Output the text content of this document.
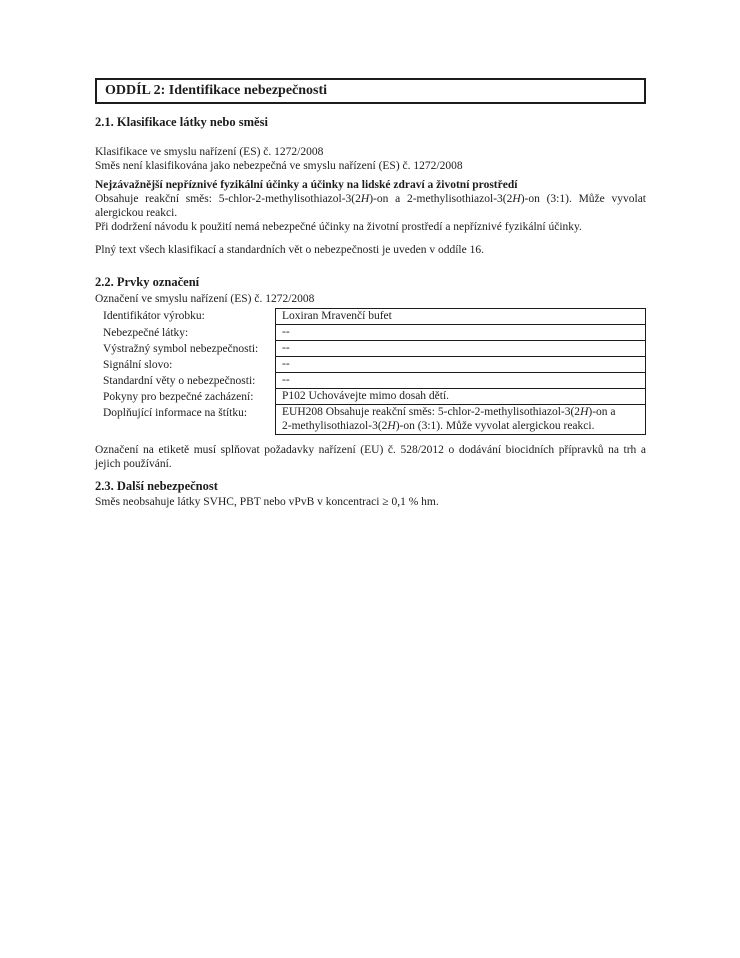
ODDÍL 2: Identifikace nebezpečnosti
2.1. Klasifikace látky nebo směsi

Klasifikace ve smyslu nařízení (ES) č. 1272/2008

Směs není klasifikována jako nebezpečná ve smyslu nařízení (ES) č. 1272/2008

Nejzávažnější nepříznivé fyzikální účinky a účinky na lidské zdraví a životní prostředí

Obsahuje reakční směs: 5-chlor-2-methylisothiazol-3(2H)-on a 2-methylisothiazol-3(2H)-on (3:1). Může vyvolat alergickou reakci.

Při dodržení návodu k použití nemá nebezpečné účinky na životní prostředí a nepříznivé fyzikální účinky.

Plný text všech klasifikací a standardních vět o nebezpečnosti je uveden v oddíle 16.

2.2. Prvky označení

Označení ve smyslu nařízení (ES) č. 1272/2008

Identifikátor výrobku:	Loxiran Mravenčí bufet
Nebezpečné látky:	--
Výstražný symbol nebezpečnosti:	--
Signální slovo:	--
Standardní věty o nebezpečnosti:	--
Pokyny pro bezpečné zacházení:	P102 Uchovávejte mimo dosah dětí.
Doplňující informace na štítku:	EUH208 Obsahuje reakční směs: 5-chlor-2-methylisothiazol-3(2H)-on a 2-methylisothiazol-3(2H)-on (3:1). Může vyvolat alergickou reakci.

Označení na etiketě musí splňovat požadavky nařízení (EU) č. 528/2012 o dodávání biocidních přípravků na trh a jejich používání.

2.3. Další nebezpečnost

Směs neobsahuje látky SVHC, PBT nebo vPvB v koncentraci ≥ 0,1 % hm.
